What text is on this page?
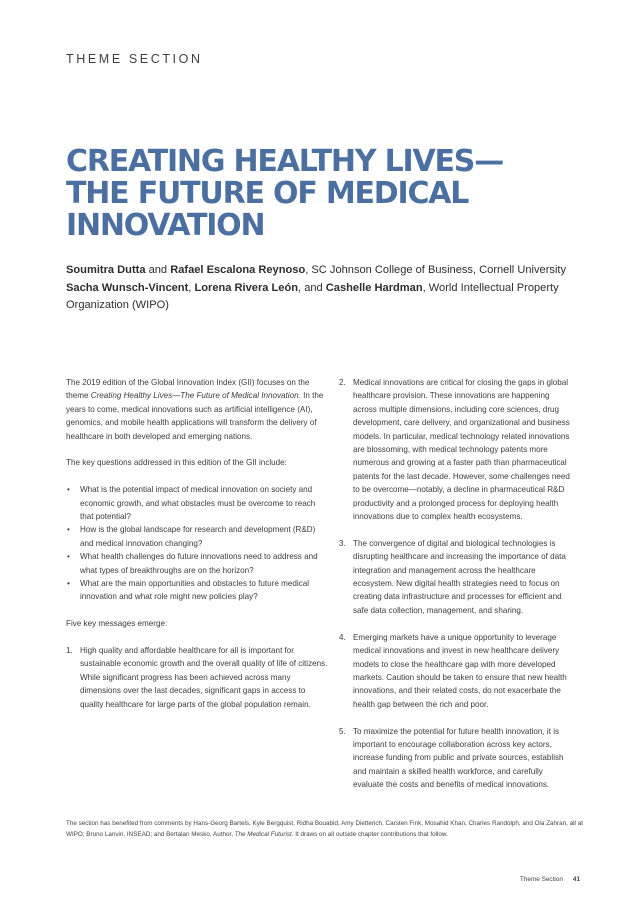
THEME SECTION
CREATING HEALTHY LIVES—
THE FUTURE OF MEDICAL
INNOVATION

Soumitra Dutta and Rafael Escalona Reynoso, SC Johnson College of Business, Cornell University

Sacha Wunsch-Vincent, Lorena Rivera León, and Cashelle Hardman, World Intellectual Property Organization (WIPO)

The 2019 edition of the Global Innovation Index (GII) focuses on the theme Creating Healthy Lives—The Future of Medical Innovation. In the years to come, medical innovations such as artificial intelligence (AI), genomics, and mobile health applications will transform the delivery of healthcare in both developed and emerging nations.

The key questions addressed in this edition of the GII include:

• What is the potential impact of medical innovation on society and economic growth, and what obstacles must be overcome to reach that potential?
• How is the global landscape for research and development (R&D) and medical innovation changing?
• What health challenges do future innovations need to address and what types of breakthroughs are on the horizon?
• What are the main opportunities and obstacles to future medical innovation and what role might new policies play?

Five key messages emerge:

1. High quality and affordable healthcare for all is important for sustainable economic growth and the overall quality of life of citizens. While significant progress has been achieved across many dimensions over the last decades, significant gaps in access to quality healthcare for large parts of the global population remain.
2. Medical innovations are critical for closing the gaps in global healthcare provision. These innovations are happening across multiple dimensions, including core sciences, drug development, care delivery, and organizational and business models. In particular, medical technology related innovations are blossoming, with medical technology patents more numerous and growing at a faster path than pharmaceutical patents for the last decade. However, some challenges need to be overcome—notably, a decline in pharmaceutical R&D productivity and a prolonged process for deploying health innovations due to complex health ecosystems.
3. The convergence of digital and biological technologies is disrupting healthcare and increasing the importance of data integration and management across the healthcare ecosystem. New digital health strategies need to focus on creating data infrastructure and processes for efficient and safe data collection, management, and sharing.
4. Emerging markets have a unique opportunity to leverage medical innovations and invest in new healthcare delivery models to close the healthcare gap with more developed markets. Caution should be taken to ensure that new health innovations, and their related costs, do not exacerbate the health gap between the rich and poor.
5. To maximize the potential for future health innovation, it is important to encourage collaboration across key actors, increase funding from public and private sources, establish and maintain a skilled health workforce, and carefully evaluate the costs and benefits of medical innovations.
The section has benefited from comments by Hans-Georg Bartels, Kyle Bergquist, Ridha Bouabid, Amy Dietterich, Carsten Fink, Mosahid Khan, Charles Randolph, and Ola Zahran, all at WIPO; Bruno Lanvin, INSEAD; and Bertalan Mesko, Author, The Medical Futurist. It draws on all outside chapter contributions that follow.
Theme Section 41
